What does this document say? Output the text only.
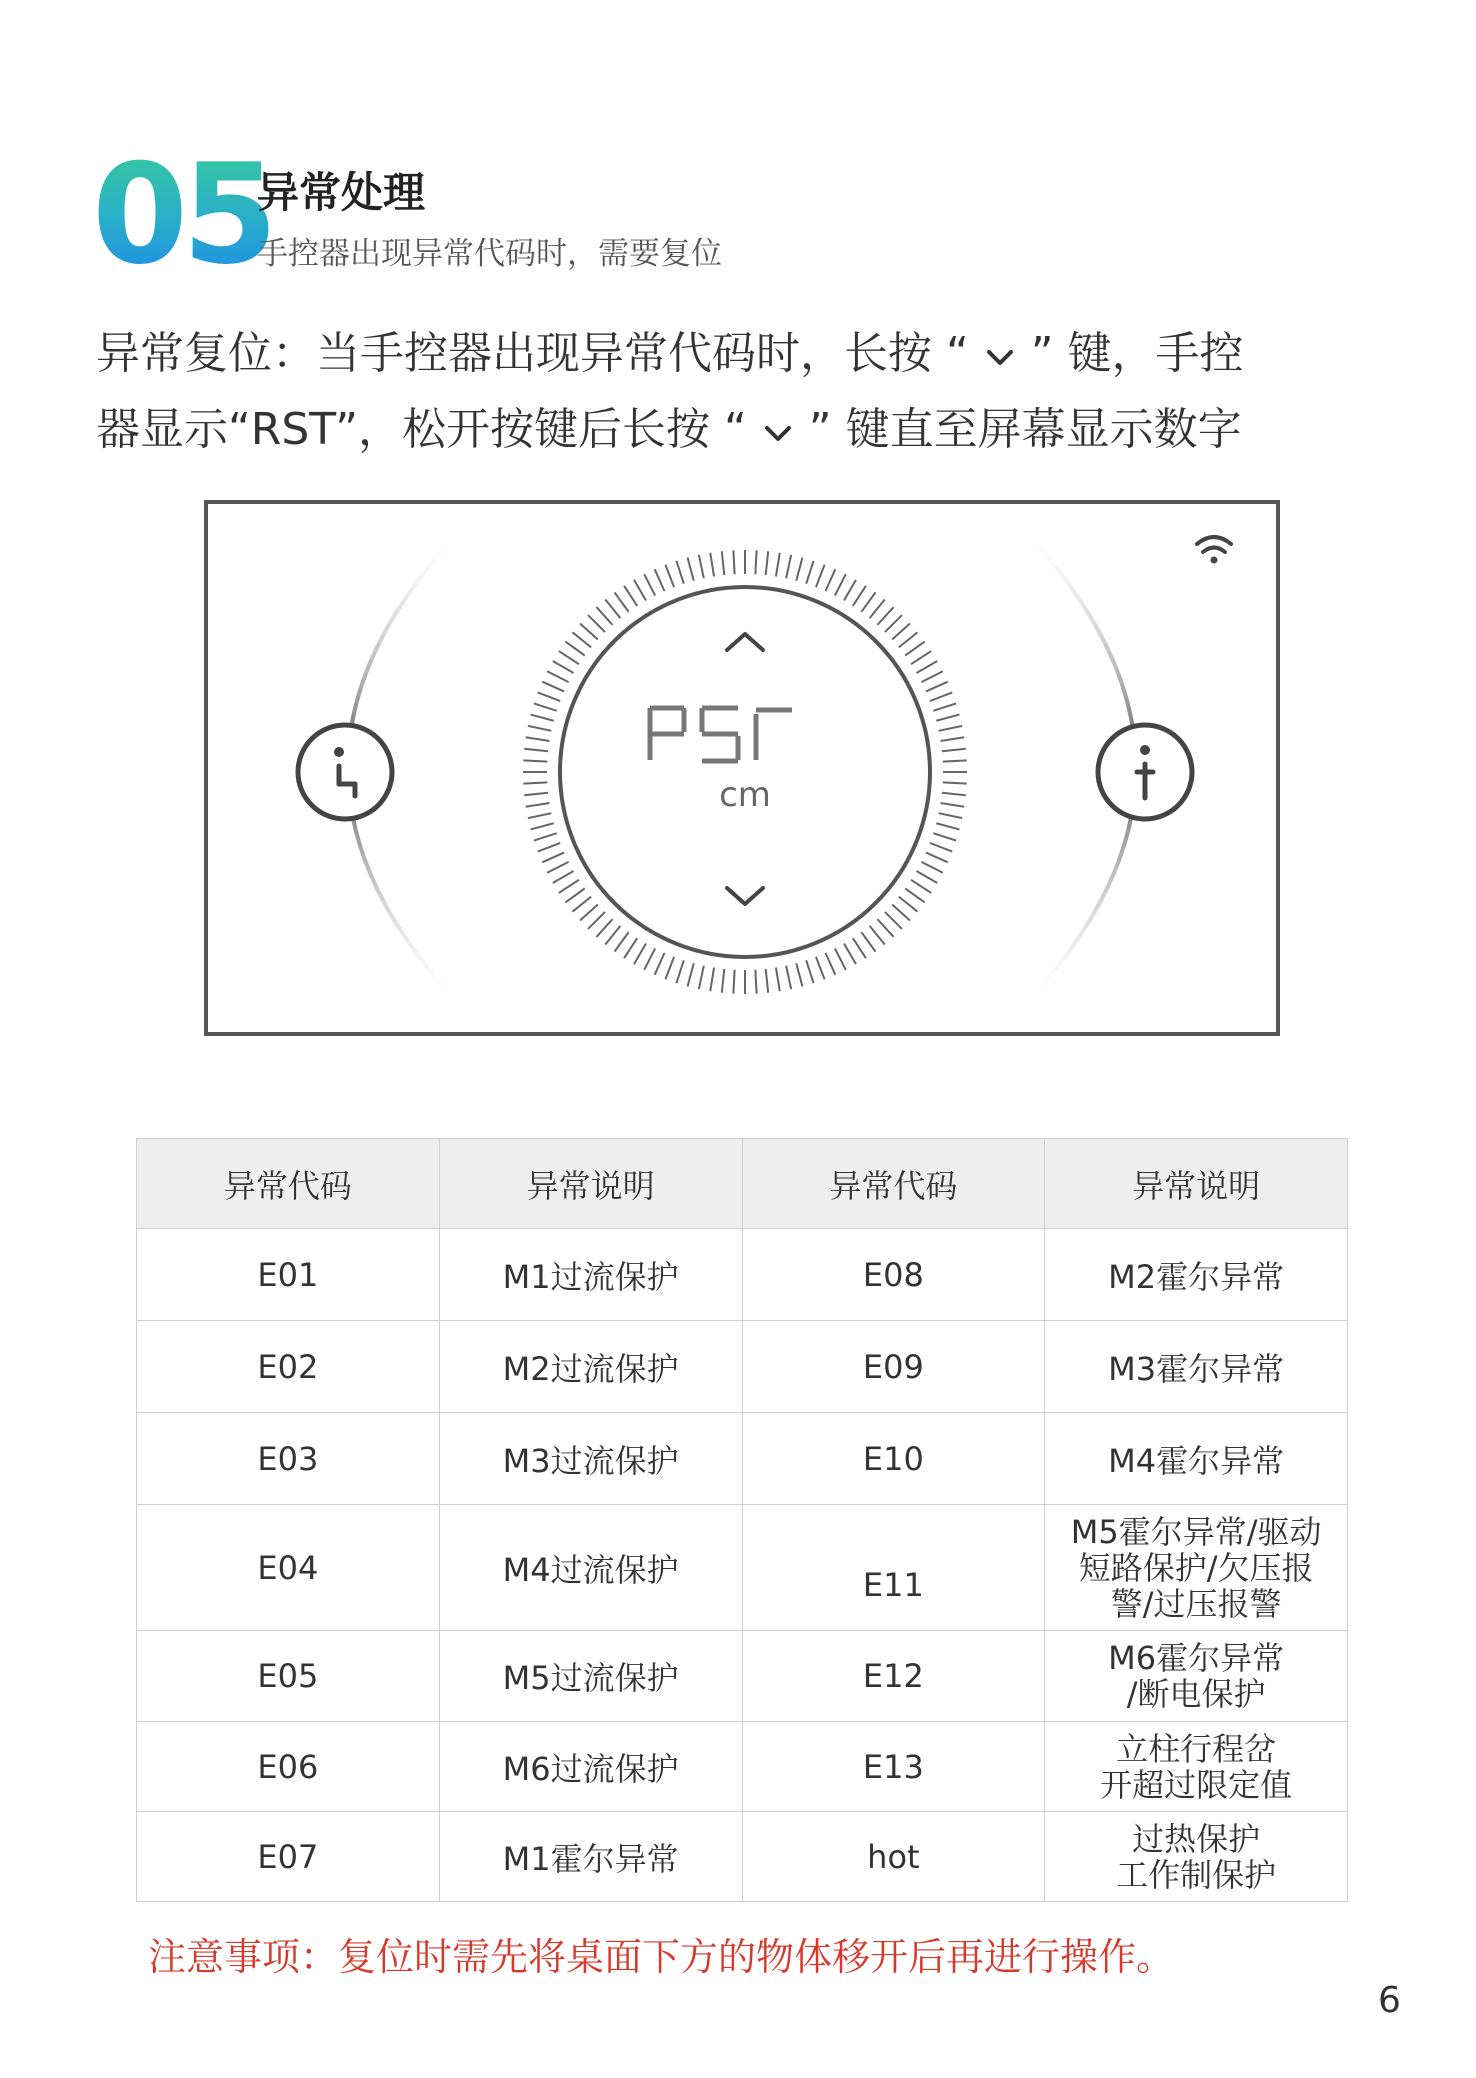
05
异常处理
手控器出现异常代码时，需要复位
异常复位：当手控器出现异常代码时，长按 “ ” 键，手控
器显示“RST”，松开按键后长按 “ ” 键直至屏幕显示数字
cm
异常代码	异常说明	异常代码	异常说明
E01	M1过流保护	E08	M2霍尔异常
E02	M2过流保护	E09	M3霍尔异常
E03	M3过流保护	E10	M4霍尔异常
E04	M4过流保护	E11	M5霍尔异常/驱动
短路保护/欠压报
警/过压报警

E05	M5过流保护	E12	M6霍尔异常
/断电保护

E06	M6过流保护	E13	立柱行程岔
开超过限定值

E07	M1霍尔异常	hot	过热保护
工作制保护
注意事项：复位时需先将桌面下方的物体移开后再进行操作。
6
